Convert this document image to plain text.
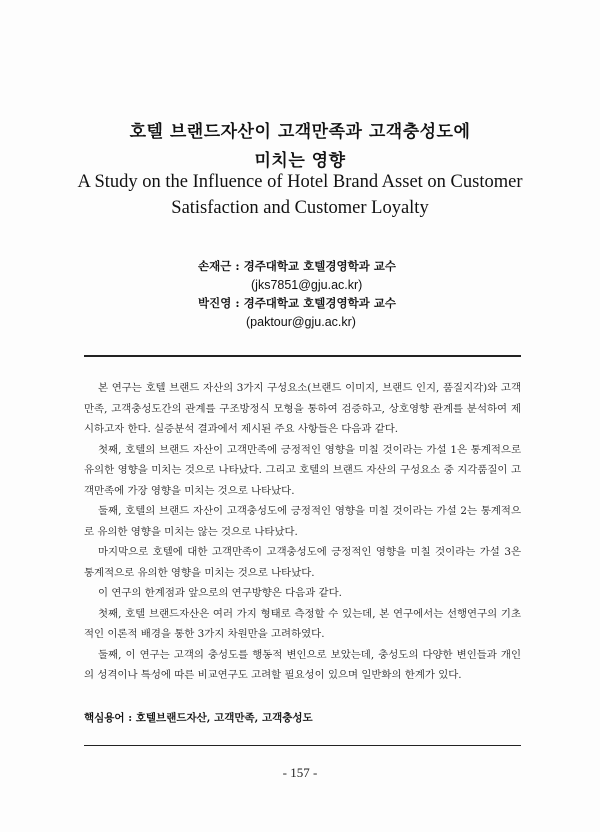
호텔 브랜드자산이 고객만족과 고객충성도에
미치는 영향
A Study on the Influence of Hotel Brand Asset on Customer
Satisfaction and Customer Loyalty
손재근 : 경주대학교 호텔경영학과 교수
(jks7851@gju.ac.kr)
박진영 : 경주대학교 호텔경영학과 교수
(paktour@gju.ac.kr)

본 연구는 호텔 브랜드 자산의 3가지 구성요소(브랜드 이미지, 브랜드 인지, 품질지각)와 고객만족, 고객충성도간의 관계를 구조방정식 모형을 통하여 검증하고, 상호영향 관계를 분석하여 제시하고자 한다. 실증분석 결과에서 제시된 주요 사항들은 다음과 같다.

첫째, 호텔의 브랜드 자산이 고객만족에 긍정적인 영향을 미칠 것이라는 가설 1은 통계적으로 유의한 영향을 미치는 것으로 나타났다. 그리고 호텔의 브랜드 자산의 구성요소 중 지각품질이 고객만족에 가장 영향을 미치는 것으로 나타났다.

둘째, 호텔의 브랜드 자산이 고객충성도에 긍정적인 영향을 미칠 것이라는 가설 2는 통계적으로 유의한 영향을 미치는 않는 것으로 나타났다.

마지막으로 호텔에 대한 고객만족이 고객충성도에 긍정적인 영향을 미칠 것이라는 가설 3은 통계적으로 유의한 영향을 미치는 것으로 나타났다.

이 연구의 한계점과 앞으로의 연구방향은 다음과 같다.

첫째, 호텔 브랜드자산은 여러 가지 형태로 측정할 수 있는데, 본 연구에서는 선행연구의 기초적인 이론적 배경을 통한 3가지 차원만을 고려하였다.

둘째, 이 연구는 고객의 충성도를 행동적 변인으로 보았는데, 충성도의 다양한 변인들과 개인의 성격이나 특성에 따른 비교연구도 고려할 필요성이 있으며 일반화의 한계가 있다.

핵심용어 : 호텔브랜드자산, 고객만족, 고객충성도
- 157 -
